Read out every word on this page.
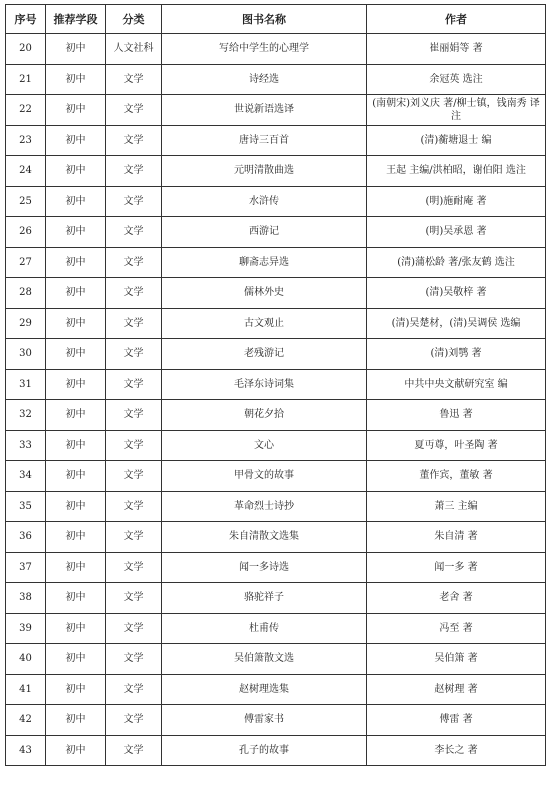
序号	推荐学段	分类	图书名称	作者
20	初中	人文社科	写给中学生的心理学	崔丽娟等 著
21	初中	文学	诗经选	余冠英 选注
22	初中	文学	世说新语选译	(南朝宋)刘义庆 著/柳士镇，钱南秀 译注
23	初中	文学	唐诗三百首	(清)蘅塘退士 编
24	初中	文学	元明清散曲选	王起 主编/洪柏昭，谢伯阳 选注
25	初中	文学	水浒传	(明)施耐庵 著
26	初中	文学	西游记	(明)吴承恩 著
27	初中	文学	聊斋志异选	(清)蒲松龄 著/张友鹤 选注
28	初中	文学	儒林外史	(清)吴敬梓 著
29	初中	文学	古文观止	(清)吴楚材，(清)吴调侯 选编
30	初中	文学	老残游记	(清)刘鹗 著
31	初中	文学	毛泽东诗词集	中共中央文献研究室 编
32	初中	文学	朝花夕拾	鲁迅 著
33	初中	文学	文心	夏丏尊，叶圣陶 著
34	初中	文学	甲骨文的故事	董作宾，董敏 著
35	初中	文学	革命烈士诗抄	萧三 主编
36	初中	文学	朱自清散文选集	朱自清 著
37	初中	文学	闻一多诗选	闻一多 著
38	初中	文学	骆驼祥子	老舍 著
39	初中	文学	杜甫传	冯至 著
40	初中	文学	吴伯箫散文选	吴伯箫 著
41	初中	文学	赵树理选集	赵树理 著
42	初中	文学	傅雷家书	傅雷 著
43	初中	文学	孔子的故事	李长之 著
